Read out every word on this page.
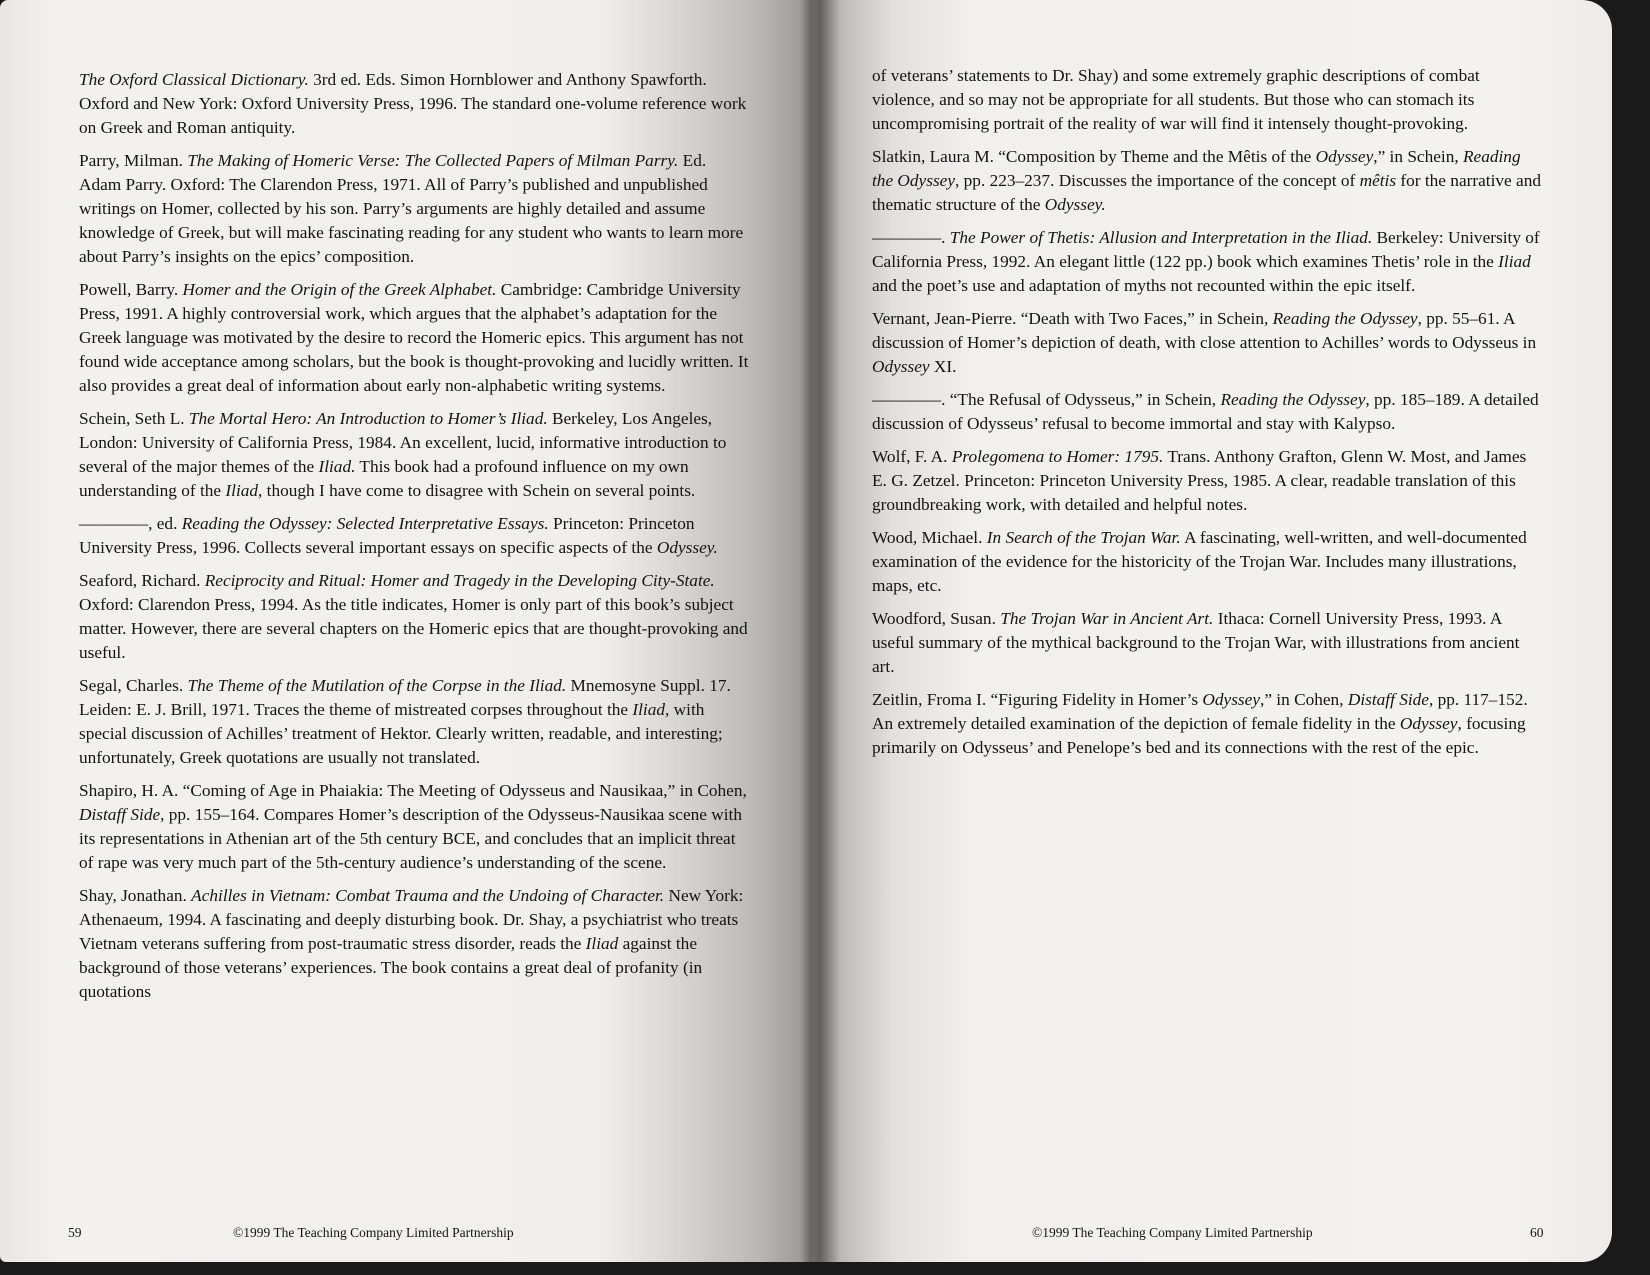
The Oxford Classical Dictionary. 3rd ed. Eds. Simon Hornblower and Anthony Spawforth. Oxford and New York: Oxford University Press, 1996. The standard one-volume reference work on Greek and Roman antiquity.

Parry, Milman. The Making of Homeric Verse: The Collected Papers of Milman Parry. Ed. Adam Parry. Oxford: The Clarendon Press, 1971. All of Parry’s published and unpublished writings on Homer, collected by his son. Parry’s arguments are highly detailed and assume knowledge of Greek, but will make fascinating reading for any student who wants to learn more about Parry’s insights on the epics’ composition.

Powell, Barry. Homer and the Origin of the Greek Alphabet. Cambridge: Cambridge University Press, 1991. A highly controversial work, which argues that the alphabet’s adaptation for the Greek language was motivated by the desire to record the Homeric epics. This argument has not found wide acceptance among scholars, but the book is thought-provoking and lucidly written. It also provides a great deal of information about early non-alphabetic writing systems.

Schein, Seth L. The Mortal Hero: An Introduction to Homer’s Iliad. Berkeley, Los Angeles, London: University of California Press, 1984. An excellent, lucid, informative introduction to several of the major themes of the Iliad. This book had a profound influence on my own understanding of the Iliad, though I have come to disagree with Schein on several points.

————, ed. Reading the Odyssey: Selected Interpretative Essays. Princeton: Princeton University Press, 1996. Collects several important essays on specific aspects of the Odyssey.

Seaford, Richard. Reciprocity and Ritual: Homer and Tragedy in the Developing City-State. Oxford: Clarendon Press, 1994. As the title indicates, Homer is only part of this book’s subject matter. However, there are several chapters on the Homeric epics that are thought-provoking and useful.

Segal, Charles. The Theme of the Mutilation of the Corpse in the Iliad. Mnemosyne Suppl. 17. Leiden: E. J. Brill, 1971. Traces the theme of mistreated corpses throughout the Iliad, with special discussion of Achilles’ treatment of Hektor. Clearly written, readable, and interesting; unfortunately, Greek quotations are usually not translated.

Shapiro, H. A. “Coming of Age in Phaiakia: The Meeting of Odysseus and Nausikaa,” in Cohen, Distaff Side, pp. 155–164. Compares Homer’s description of the Odysseus-Nausikaa scene with its representations in Athenian art of the 5th century BCE, and concludes that an implicit threat of rape was very much part of the 5th-century audience’s understanding of the scene.

Shay, Jonathan. Achilles in Vietnam: Combat Trauma and the Undoing of Character. New York: Athenaeum, 1994. A fascinating and deeply disturbing book. Dr. Shay, a psychiatrist who treats Vietnam veterans suffering from post-traumatic stress disorder, reads the Iliad against the background of those veterans’ experiences. The book contains a great deal of profanity (in quotations

59	©1999 The Teaching Company Limited Partnership

of veterans’ statements to Dr. Shay) and some extremely graphic descriptions of combat violence, and so may not be appropriate for all students. But those who can stomach its uncompromising portrait of the reality of war will find it intensely thought-provoking.

Slatkin, Laura M. “Composition by Theme and the Mêtis of the Odyssey,” in Schein, Reading the Odyssey, pp. 223–237. Discusses the importance of the concept of mêtis for the narrative and thematic structure of the Odyssey.

————. The Power of Thetis: Allusion and Interpretation in the Iliad. Berkeley: University of California Press, 1992. An elegant little (122 pp.) book which examines Thetis’ role in the Iliad and the poet’s use and adaptation of myths not recounted within the epic itself.

Vernant, Jean-Pierre. “Death with Two Faces,” in Schein, Reading the Odyssey, pp. 55–61. A discussion of Homer’s depiction of death, with close attention to Achilles’ words to Odysseus in Odyssey XI.

————. “The Refusal of Odysseus,” in Schein, Reading the Odyssey, pp. 185–189. A detailed discussion of Odysseus’ refusal to become immortal and stay with Kalypso.

Wolf, F. A. Prolegomena to Homer: 1795. Trans. Anthony Grafton, Glenn W. Most, and James E. G. Zetzel. Princeton: Princeton University Press, 1985. A clear, readable translation of this groundbreaking work, with detailed and helpful notes.

Wood, Michael. In Search of the Trojan War. A fascinating, well-written, and well-documented examination of the evidence for the historicity of the Trojan War. Includes many illustrations, maps, etc.

Woodford, Susan. The Trojan War in Ancient Art. Ithaca: Cornell University Press, 1993. A useful summary of the mythical background to the Trojan War, with illustrations from ancient art.

Zeitlin, Froma I. “Figuring Fidelity in Homer’s Odyssey,” in Cohen, Distaff Side, pp. 117–152. An extremely detailed examination of the depiction of female fidelity in the Odyssey, focusing primarily on Odysseus’ and Penelope’s bed and its connections with the rest of the epic.

©1999 The Teaching Company Limited Partnership	60
